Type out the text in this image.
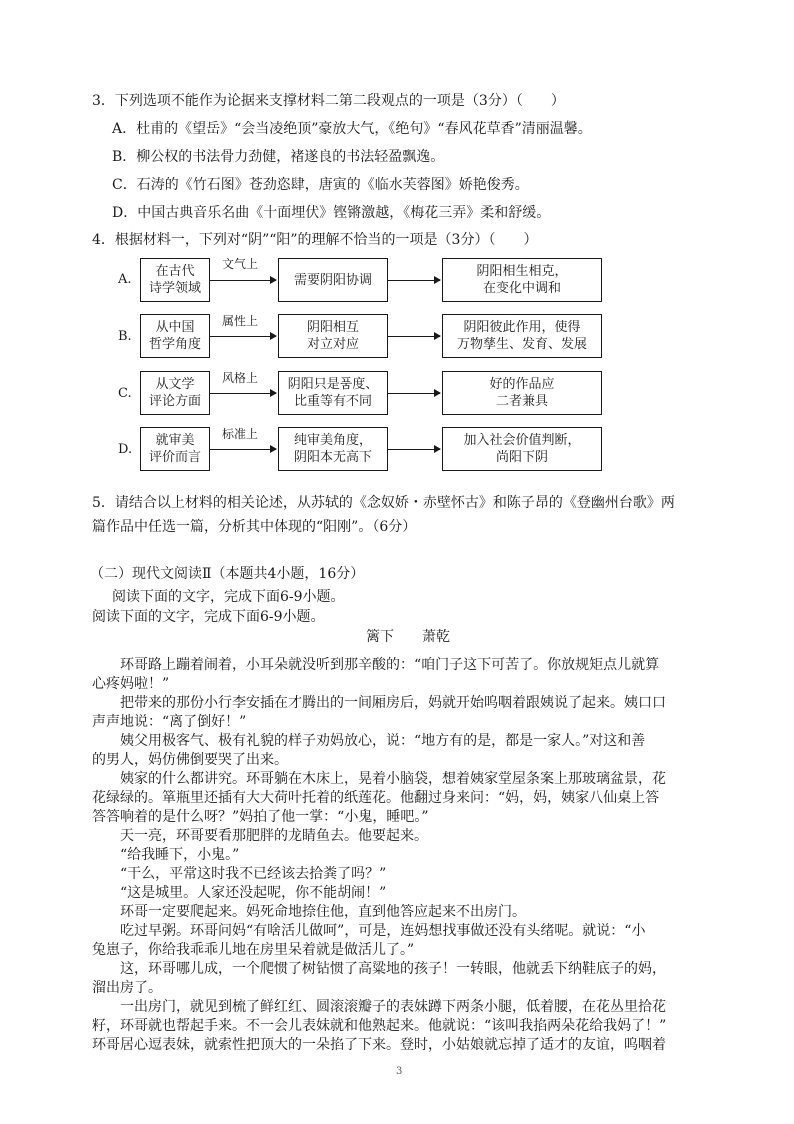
3．下列选项不能作为论据来支撑材料二第二段观点的一项是（3分）（　　）
A．杜甫的《望岳》“会当凌绝顶”豪放大气，《绝句》“春风花草香”清丽温馨。
B．柳公权的书法骨力劲健，褚遂良的书法轻盈飘逸。
C．石涛的《竹石图》苍劲恣肆，唐寅的《临水芙蓉图》娇艳俊秀。
D．中国古典音乐名曲《十面埋伏》铿锵激越，《梅花三弄》柔和舒缓。
4．根据材料一，下列对“阴”“阳”的理解不恰当的一项是（3分）（　　）
A.
在古代
诗学领域
文气上
需要阴阳协调
阴阳相生相克，
在变化中调和
B.
从中国
哲学角度
属性上	阴阳相互
对立对应
阴阳彼此作用，使得
万物孳生、发育、发展
C.
从文学
评论方面
风格上 阴阳只是품度、
比重等有不同
好的作品应
二者兼具
D.
就审美
评价而言
标准上	纯审美角度，
阴阳本无高下
加入社会价值判断，
尚阳下阴
5．请结合以上材料的相关论述，从苏轼的《念奴娇・赤壁怀古》和陈子昂的《登幽州台歌》两
篇作品中任选一篇，分析其中体现的“阳刚”。（6分）
（二）现代文阅读Ⅱ（本题共4小题，16分）
阅读下面的文字，完成下面6-9小题。
阅读下面的文字，完成下面6-9小题。
篱下　　萧乾
　　环哥路上蹦着闹着，小耳朵就没听到那辛酸的：“咱门子这下可苦了。你放规矩点儿就算
心疼妈啦！”
　　把带来的那份小行李安插在才腾出的一间厢房后，妈就开始呜咽着跟姨说了起来。姨口口
声声地说：“离了倒好！”
　　姨父用极客气、极有礼貌的样子劝妈放心，说：“地方有的是，都是一家人。”对这和善
的男人，妈仿佛倒要哭了出来。
　　姨家的什么都讲究。环哥躺在木床上，晃着小脑袋，想着姨家堂屋条案上那玻璃盆景，花
花绿绿的。箪瓶里还插有大大荷叶托着的纸莲花。他翻过身来问：“妈，妈，姨家八仙桌上答
答答响着的是什么呀？”妈拍了他一掌：“小鬼，睡吧。”
　　天一亮，环哥要看那肥胖的龙睛鱼去。他要起来。
　　“给我睡下，小鬼。”
　　“干么，平常这时我不已经该去拾粪了吗？”
　　“这是城里。人家还没起呢，你不能胡闹！”
　　环哥一定要爬起来。妈死命地捺住他，直到他答应起来不出房门。
　　吃过早粥。环哥问妈“有啥活儿做呵”，可是，连妈想找事做还没有头绪呢。就说：“小
兔崽子，你给我乖乖儿地在房里呆着就是做活儿了。”
　　这，环哥哪儿成，一个爬惯了树钻惯了高粱地的孩子！一转眼，他就丢下纳鞋底子的妈，
溜出房了。
　　一出房门，就见到梳了鲜红红、圆滚滚瓣子的表妹蹲下两条小腿，低着腰，在花丛里拾花
籽，环哥就也帮起手来。不一会儿表妹就和他熟起来。他就说：“该叫我掐两朵花给我妈了！”
环哥居心逗表妹，就索性把顶大的一朵掐了下来。登时，小姑娘就忘掉了适才的友谊，呜咽着
3
